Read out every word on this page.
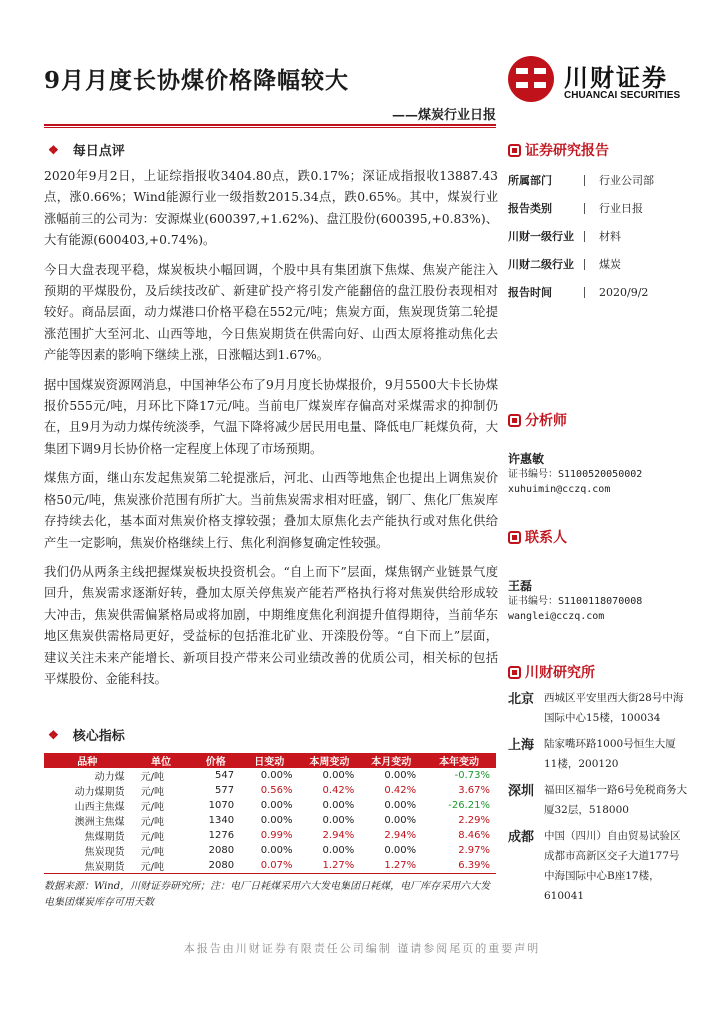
9月月度长协煤价格降幅较大
——煤炭行业日报
川财证券
CHUANCAI SECURITIES
❖ 每日点评

2020年9月2日，上证综指报收3404.80点，跌0.17%；深证成指报收13887.43点，涨0.66%；Wind能源行业一级指数2015.34点，跌0.65%。其中，煤炭行业涨幅前三的公司为：安源煤业(600397,+1.62%)、盘江股份(600395,+0.83%)、大有能源(600403,+0.74%)。

今日大盘表现平稳，煤炭板块小幅回调，个股中具有集团旗下焦煤、焦炭产能注入预期的平煤股份，及后续技改矿、新建矿投产将引发产能翻倍的盘江股份表现相对较好。商品层面，动力煤港口价格平稳在552元/吨；焦炭方面，焦炭现货第二轮提涨范围扩大至河北、山西等地，今日焦炭期货在供需向好、山西太原将推动焦化去产能等因素的影响下继续上涨，日涨幅达到1.67%。

据中国煤炭资源网消息，中国神华公布了9月月度长协煤报价，9月5500大卡长协煤报价555元/吨，月环比下降17元/吨。当前电厂煤炭库存偏高对采煤需求的抑制仍在，且9月为动力煤传统淡季，气温下降将减少居民用电量、降低电厂耗煤负荷，大集团下调9月长协价格一定程度上体现了市场预期。

煤焦方面，继山东发起焦炭第二轮提涨后，河北、山西等地焦企也提出上调焦炭价格50元/吨，焦炭涨价范围有所扩大。当前焦炭需求相对旺盛，钢厂、焦化厂焦炭库存持续去化，基本面对焦炭价格支撑较强；叠加太原焦化去产能执行或对焦化供给产生一定影响，焦炭价格继续上行、焦化利润修复确定性较强。

我们仍从两条主线把握煤炭板块投资机会。“自上而下”层面，煤焦钢产业链景气度回升，焦炭需求逐渐好转，叠加太原关停焦炭产能若严格执行将对焦炭供给形成较大冲击，焦炭供需偏紧格局或将加剧，中期维度焦化利润提升值得期待，当前华东地区焦炭供需格局更好，受益标的包括淮北矿业、开滦股份等。“自下而上”层面，建议关注未来产能增长、新项目投产带来公司业绩改善的优质公司，相关标的包括平煤股份、金能科技。

❖ 核心指标
品种	单位	价格	日变动	本周变动	本月变动	本年变动
动力煤	元/吨	547	0.00%	0.00%	0.00%	-0.73%
动力煤期货	元/吨	577	0.56%	0.42%	0.42%	3.67%
山西主焦煤	元/吨	1070	0.00%	0.00%	0.00%	-26.21%
澳洲主焦煤	元/吨	1340	0.00%	0.00%	0.00%	2.29%
焦煤期货	元/吨	1276	0.99%	2.94%	2.94%	8.46%
焦炭现货	元/吨	2080	0.00%	0.00%	0.00%	2.97%
焦炭期货	元/吨	2080	0.07%	1.27%	1.27%	6.39%
数据来源：Wind，川财证券研究所；注：电厂日耗煤采用六大发电集团日耗煤，电厂库存采用六大发电集团煤炭库存可用天数
证券研究报告
所属部门	行业公司部
报告类别	行业日报
川财一级行业	材料
川财二级行业	煤炭
报告时间	2020/9/2
分析师
许惠敏
证书编号：S1100520050002
xuhuimin@cczq.com
联系人
王磊
证书编号：S1100118070008
wanglei@cczq.com
川财研究所
北京 西城区平安里西大街28号中海国际中心15楼，100034
上海 陆家嘴环路1000号恒生大厦11楼，200120
深圳 福田区福华一路6号免税商务大厦32层，518000
成都 中国（四川）自由贸易试验区成都市高新区交子大道177号中海国际中心B座17楼，610041
本报告由川财证券有限责任公司编制 谨请参阅尾页的重要声明
